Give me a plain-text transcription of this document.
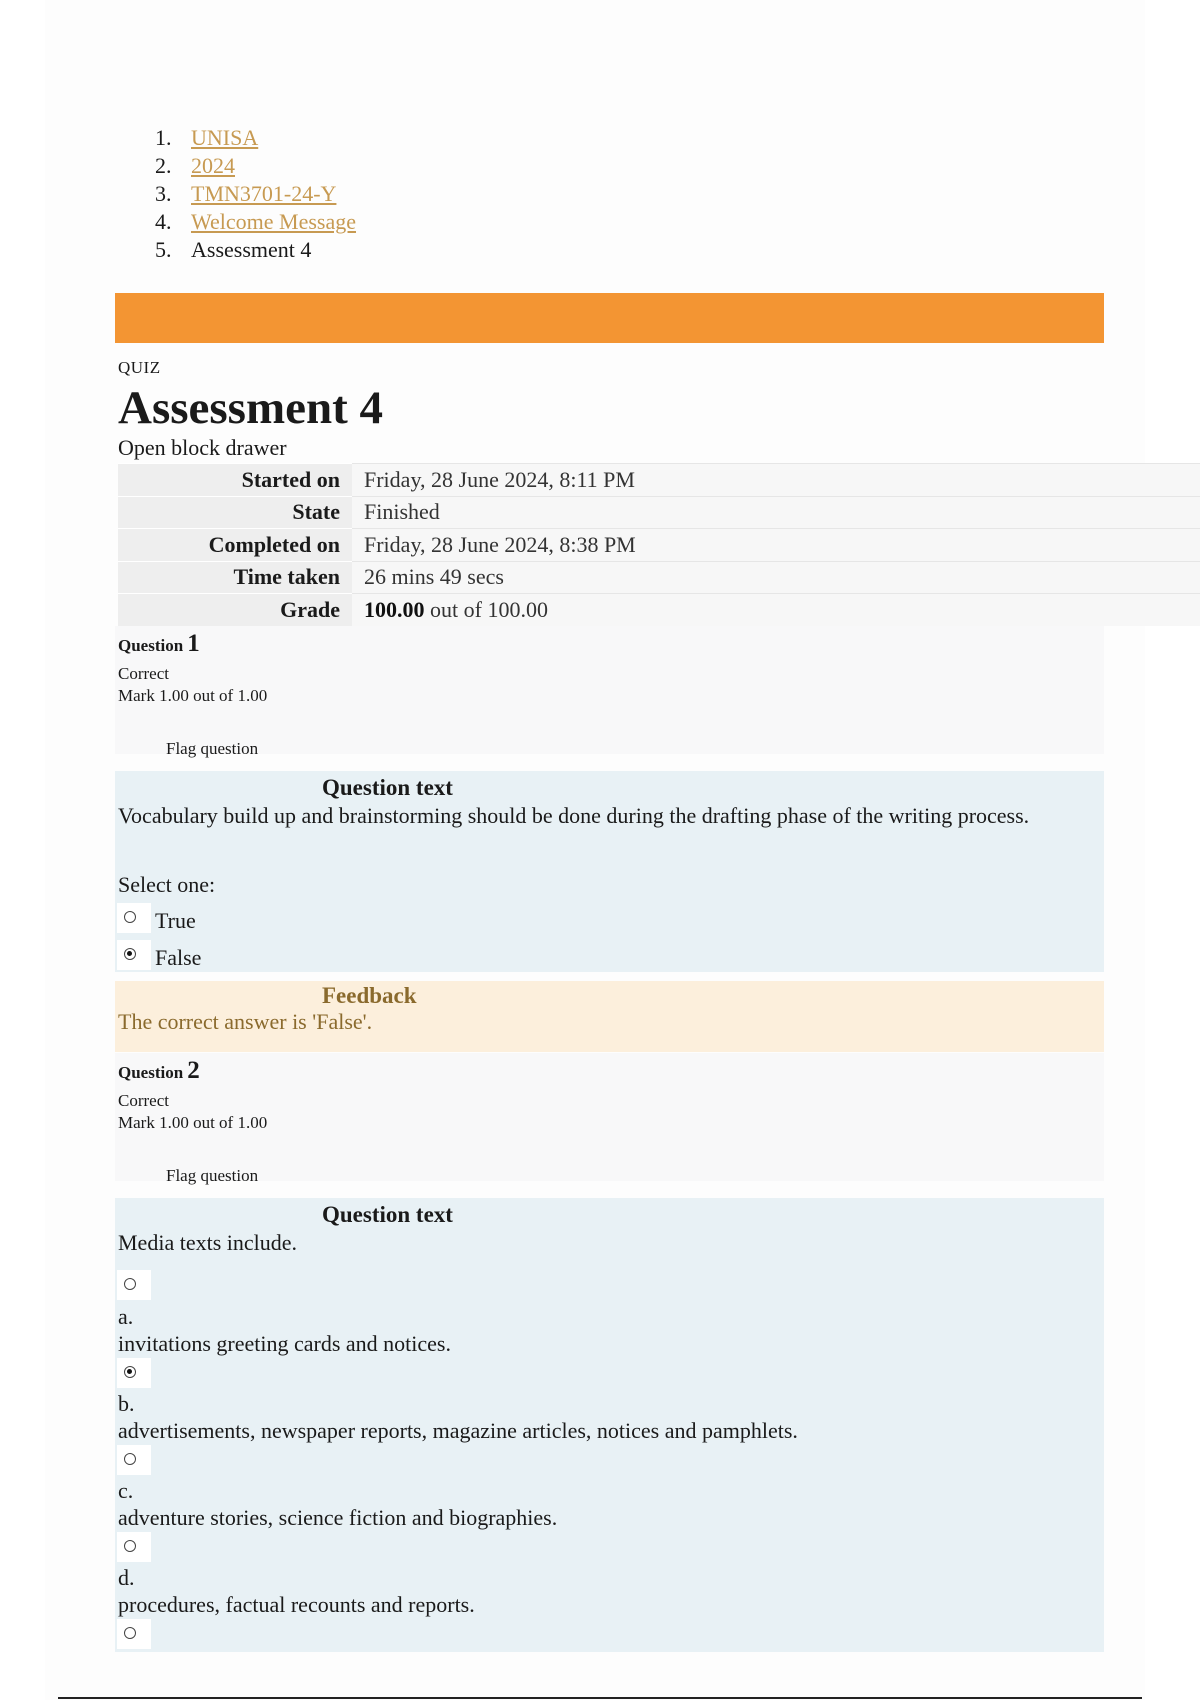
1. UNISA
2. 2024
3. TMN3701-24-Y
4. Welcome Message
5. Assessment 4
QUIZ
Assessment 4
Open block drawer
Started on	Friday, 28 June 2024, 8:11 PM
State	Finished
Completed on	Friday, 28 June 2024, 8:38 PM
Time taken	26 mins 49 secs
Grade	100.00 out of 100.00
Question 1
Correct
Mark 1.00 out of 1.00
Flag question
Question text
Vocabulary build up and brainstorming should be done during the drafting phase of the writing process.
Select one:
True
False
Feedback
The correct answer is 'False'.
Question 2
Correct
Mark 1.00 out of 1.00
Flag question
Question text
Media texts include.
a.
invitations greeting cards and notices.
b.
advertisements, newspaper reports, magazine articles, notices and pamphlets.
c.
adventure stories, science fiction and biographies.
d.
procedures, factual recounts and reports.
